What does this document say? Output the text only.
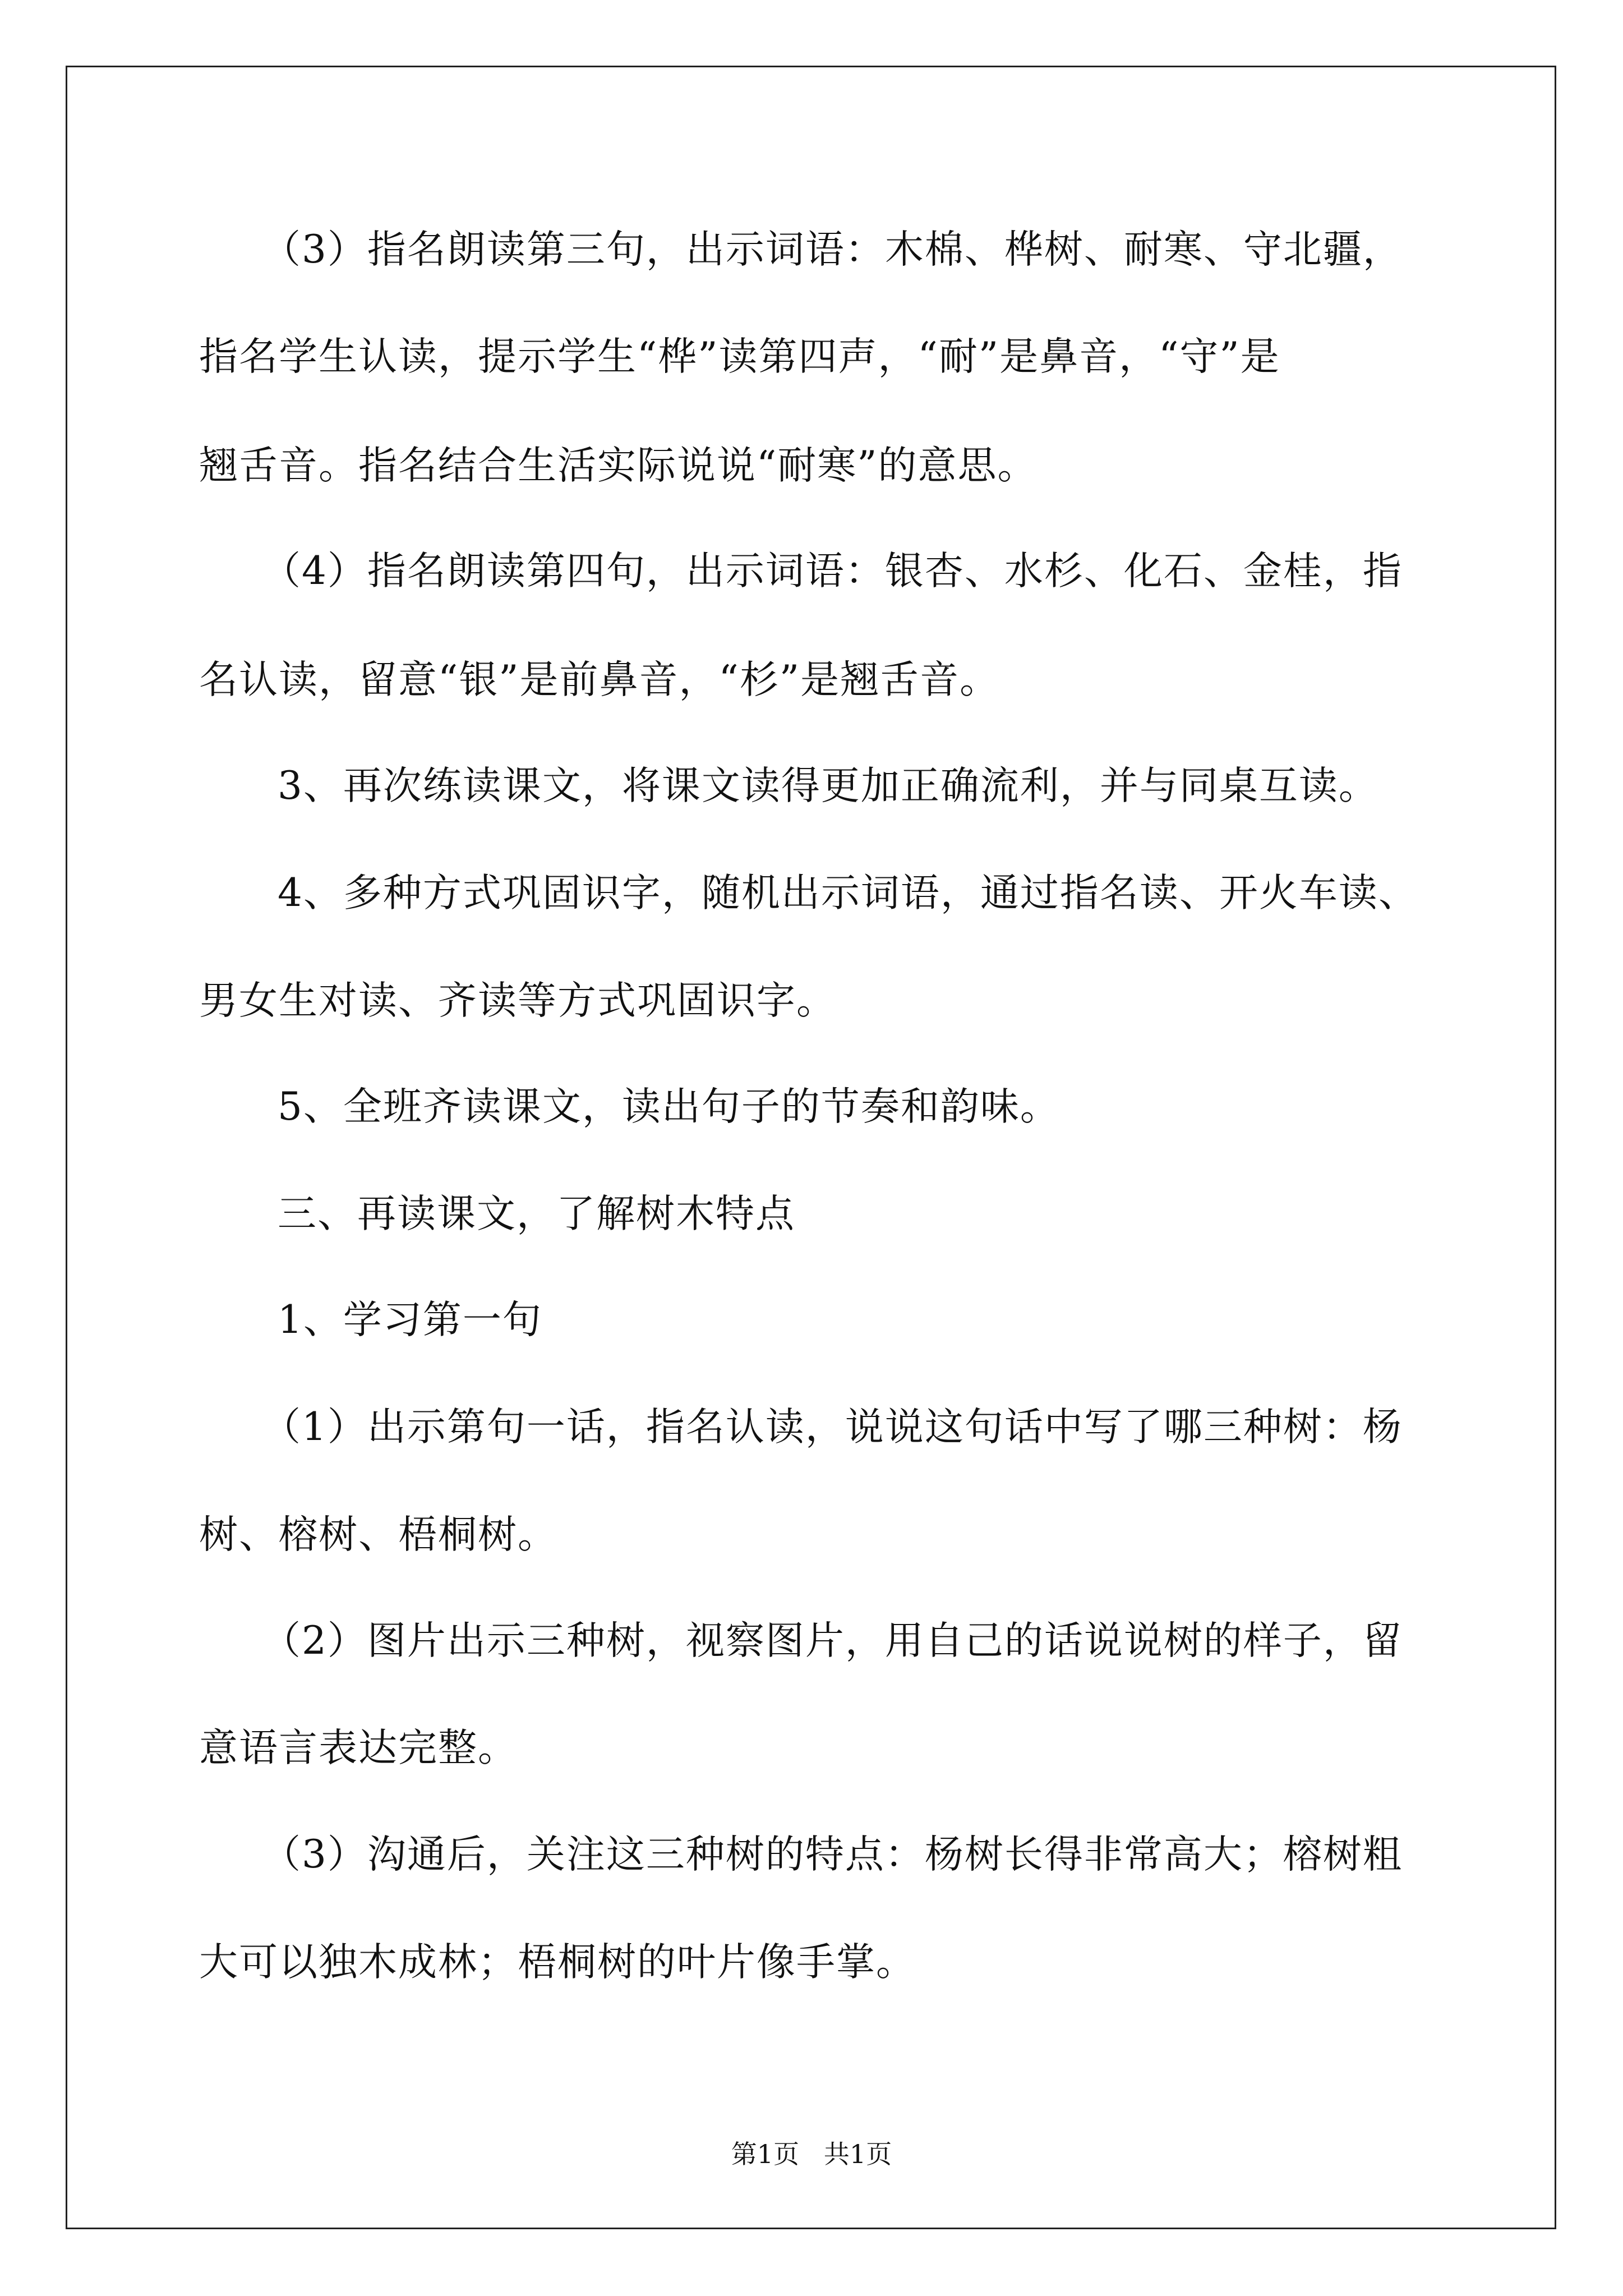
（3）指名朗读第三句，出示词语：木棉、桦树、耐寒、守北疆，
指名学生认读，提示学生“桦”读第四声，“耐”是鼻音，“守”是
翘舌音。指名结合生活实际说说“耐寒”的意思。
（4）指名朗读第四句，出示词语：银杏、水杉、化石、金桂，指
名认读，留意“银”是前鼻音，“杉”是翘舌音。
3、再次练读课文，将课文读得更加正确流利，并与同桌互读。
4、多种方式巩固识字，随机出示词语，通过指名读、开火车读、
男女生对读、齐读等方式巩固识字。
5、全班齐读课文，读出句子的节奏和韵味。
三、再读课文，了解树木特点
1、学习第一句
（1）出示第句一话，指名认读，说说这句话中写了哪三种树：杨
树、榕树、梧桐树。
（2）图片出示三种树，视察图片，用自己的话说说树的样子，留
意语言表达完整。
（3）沟通后，关注这三种树的特点：杨树长得非常高大；榕树粗
大可以独木成林；梧桐树的叶片像手掌。
第1页   共1页
